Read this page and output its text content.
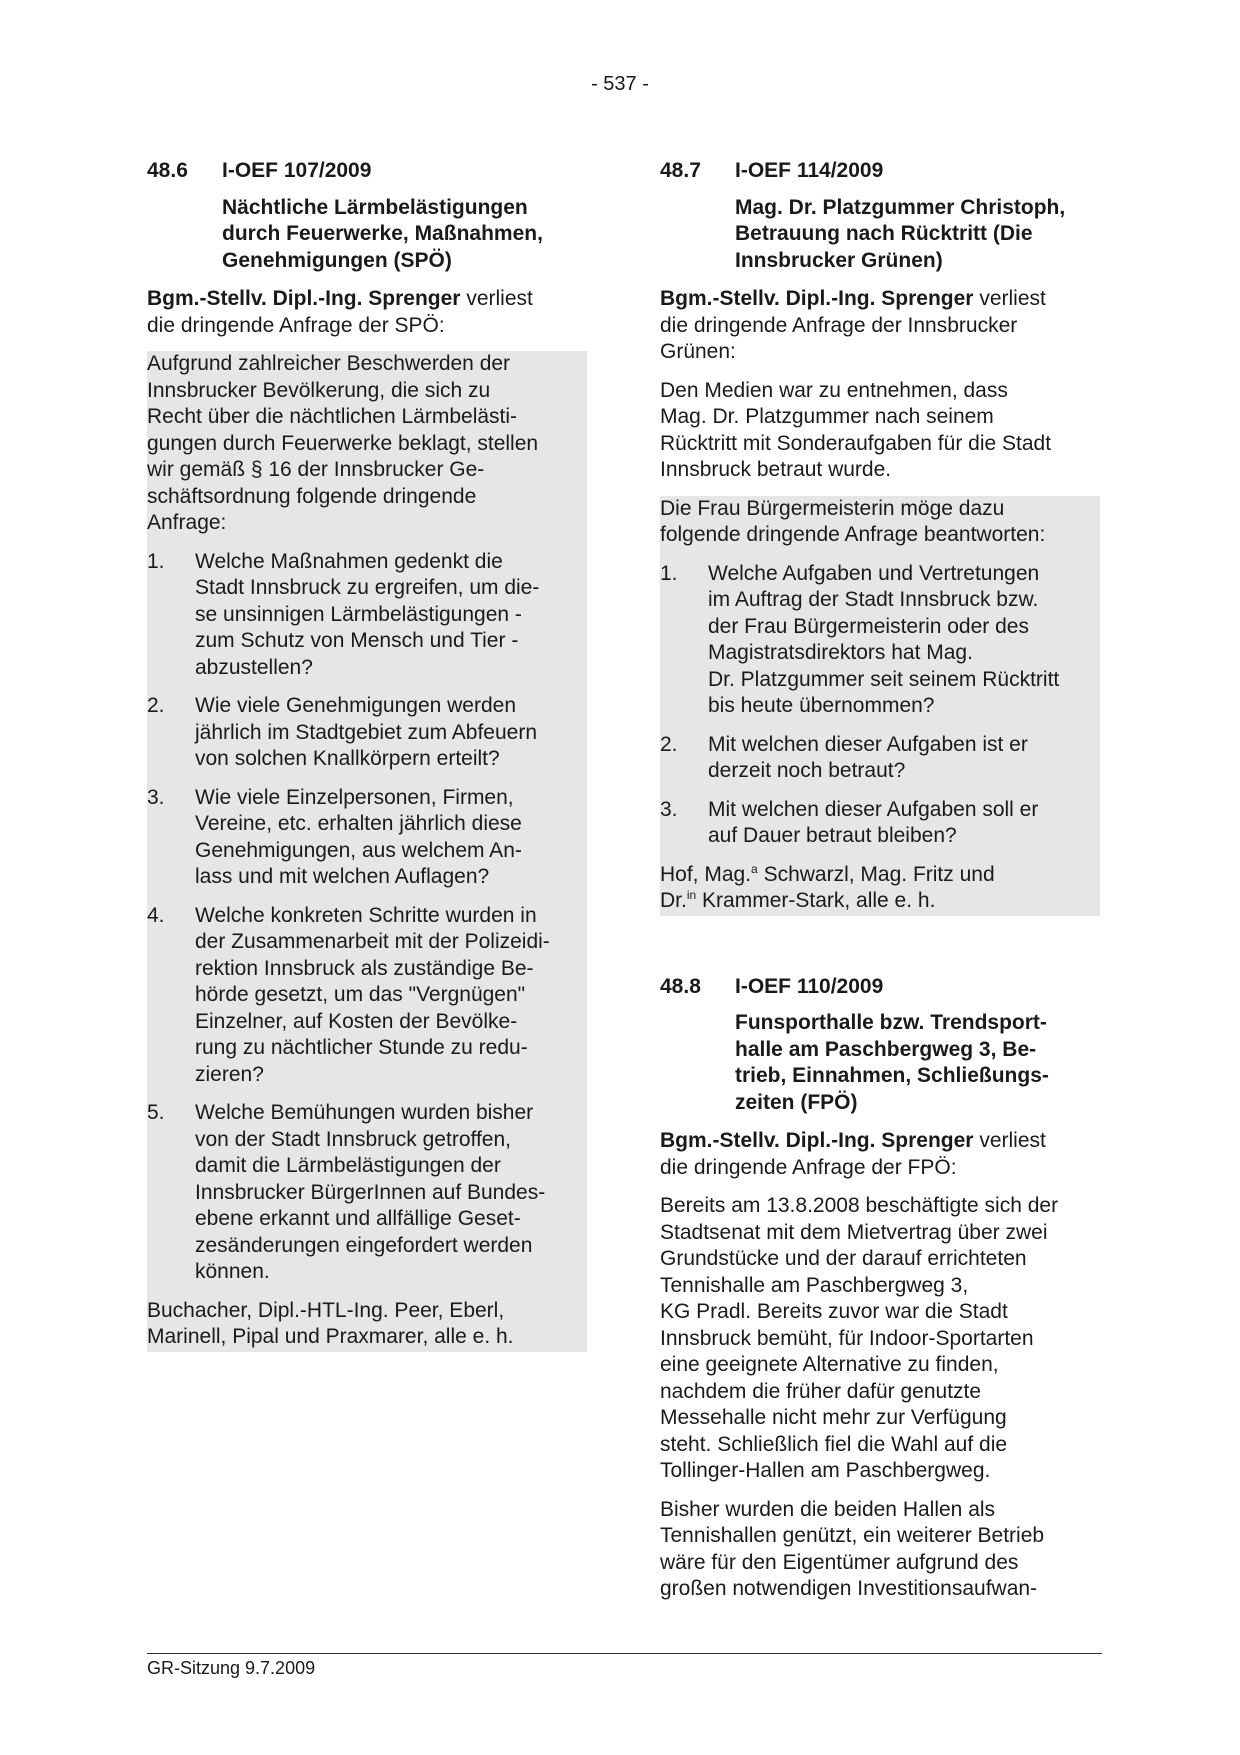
- 537 -
48.6	I-OEF 107/2009
Nächtliche Lärmbelästigungen
durch Feuerwerke, Maßnahmen,
Genehmigungen (SPÖ)

Bgm.-Stellv. Dipl.-Ing. Sprenger verliest
die dringende Anfrage der SPÖ:

Aufgrund zahlreicher Beschwerden der
Innsbrucker Bevölkerung, die sich zu
Recht über die nächtlichen Lärmbelästi-
gungen durch Feuerwerke beklagt, stellen
wir gemäß § 16 der Innsbrucker Ge-
schäftsordnung folgende dringende
Anfrage:

1.	Welche Maßnahmen gedenkt die
Stadt Innsbruck zu ergreifen, um die-
se unsinnigen Lärmbelästigungen -
zum Schutz von Mensch und Tier -
abzustellen?
2.	Wie viele Genehmigungen werden
jährlich im Stadtgebiet zum Abfeuern
von solchen Knallkörpern erteilt?
3.	Wie viele Einzelpersonen, Firmen,
Vereine, etc. erhalten jährlich diese
Genehmigungen, aus welchem An-
lass und mit welchen Auflagen?
4.	Welche konkreten Schritte wurden in
der Zusammenarbeit mit der Polizeidi-
rektion Innsbruck als zuständige Be-
hörde gesetzt, um das "Vergnügen"
Einzelner, auf Kosten der Bevölke-
rung zu nächtlicher Stunde zu redu-
zieren?
5.	Welche Bemühungen wurden bisher
von der Stadt Innsbruck getroffen,
damit die Lärmbelästigungen der
Innsbrucker BürgerInnen auf Bundes-
ebene erkannt und allfällige Geset-
zesänderungen eingefordert werden
können.

Buchacher, Dipl.-HTL-Ing. Peer, Eberl,
Marinell, Pipal und Praxmarer, alle e. h.

48.7	I-OEF 114/2009
Mag. Dr. Platzgummer Christoph,
Betrauung nach Rücktritt (Die
Innsbrucker Grünen)

Bgm.-Stellv. Dipl.-Ing. Sprenger verliest
die dringende Anfrage der Innsbrucker
Grünen:

Den Medien war zu entnehmen, dass
Mag. Dr. Platzgummer nach seinem
Rücktritt mit Sonderaufgaben für die Stadt
Innsbruck betraut wurde.

Die Frau Bürgermeisterin möge dazu
folgende dringende Anfrage beantworten:

1.	Welche Aufgaben und Vertretungen
im Auftrag der Stadt Innsbruck bzw.
der Frau Bürgermeisterin oder des
Magistratsdirektors hat Mag.
Dr. Platzgummer seit seinem Rücktritt
bis heute übernommen?
2.	Mit welchen dieser Aufgaben ist er
derzeit noch betraut?
3.	Mit welchen dieser Aufgaben soll er
auf Dauer betraut bleiben?

Hof, Mag.$^a$ Schwarzl, Mag. Fritz und
Dr.$^{in}$ Krammer-Stark, alle e. h.

48.8	I-OEF 110/2009
Funsporthalle bzw. Trendsport-
halle am Paschbergweg 3, Be-
trieb, Einnahmen, Schließungs-
zeiten (FPÖ)

Bgm.-Stellv. Dipl.-Ing. Sprenger verliest
die dringende Anfrage der FPÖ:

Bereits am 13.8.2008 beschäftigte sich der
Stadtsenat mit dem Mietvertrag über zwei
Grundstücke und der darauf errichteten
Tennishalle am Paschbergweg 3,
KG Pradl. Bereits zuvor war die Stadt
Innsbruck bemüht, für Indoor-Sportarten
eine geeignete Alternative zu finden,
nachdem die früher dafür genutzte
Messehalle nicht mehr zur Verfügung
steht. Schließlich fiel die Wahl auf die
Tollinger-Hallen am Paschbergweg.

Bisher wurden die beiden Hallen als
Tennishallen genützt, ein weiterer Betrieb
wäre für den Eigentümer aufgrund des
großen notwendigen Investitionsaufwan-

GR-Sitzung 9.7.2009
